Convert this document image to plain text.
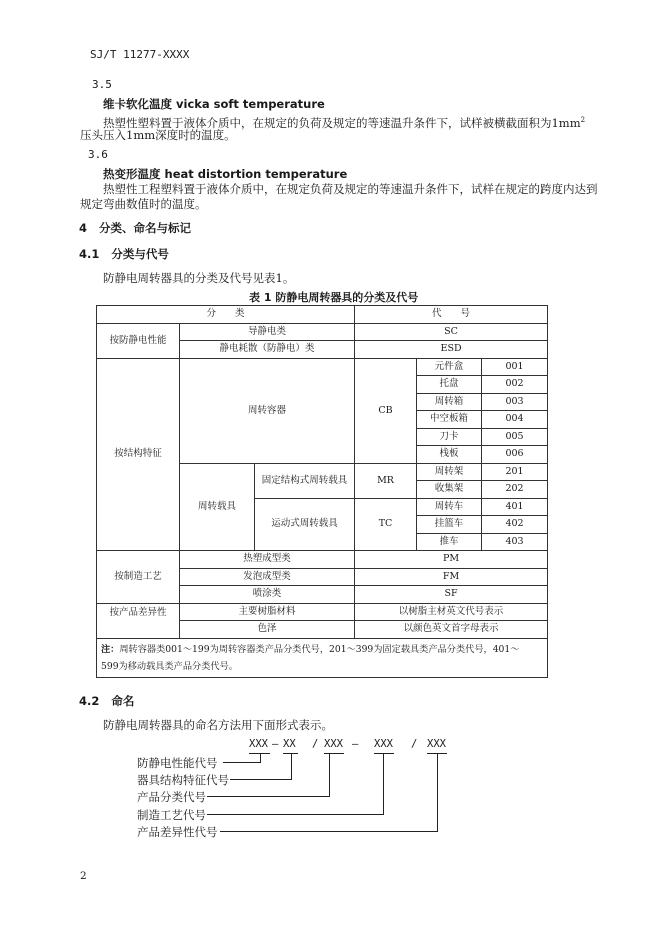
SJ/T 11277-XXXX
3.5
维卡软化温度 vicka soft temperature
热塑性塑料置于液体介质中，在规定的负荷及规定的等速温升条件下，试样被横截面积为$1mm^2$
压头压入1mm深度时的温度。
3.6
热变形温度 heat distortion temperature
热塑性工程塑料置于液体介质中，在规定负荷及规定的等速温升条件下，试样在规定的跨度内达到
规定弯曲数值时的温度。
4 分类、命名与标记
4.1 分类与代号
防静电周转器具的分类及代号见表1。
表 1 防静电周转器具的分类及代号
分　　类			代　　号		
按防静电性能	导静电类		SC		
	静电耗散（防静电）类		ESD		
按结构特征	周转容器		CB	元件盒	001
				托盘	002
				周转箱	003
				中空板箱	004
				刀卡	005
				栈板	006
	周转载具	固定结构式周转载具	MR	周转架	201
				收集架	202
		运动式周转载具	TC	周转车	401
				挂篮车	402
				推车	403
按制造工艺	热塑成型类		PM		
	发泡成型类		FM		
	喷涂类		SF		
按产品差异性	主要树脂材料		以树脂主材英文代号表示		
	色泽		以颜色英文首字母表示		
注：周转容器类001～199为周转容器类产品分类代号，201～399为固定载具类产品分类代号，401～
599为移动载具类产品分类代号。					
4.2 命名
防静电周转器具的命名方法用下面形式表示。
XXX – XX / XXX – XXX / XXX
防静电性能代号
器具结构特征代号
产品分类代号
制造工艺代号
产品差异性代号
2
